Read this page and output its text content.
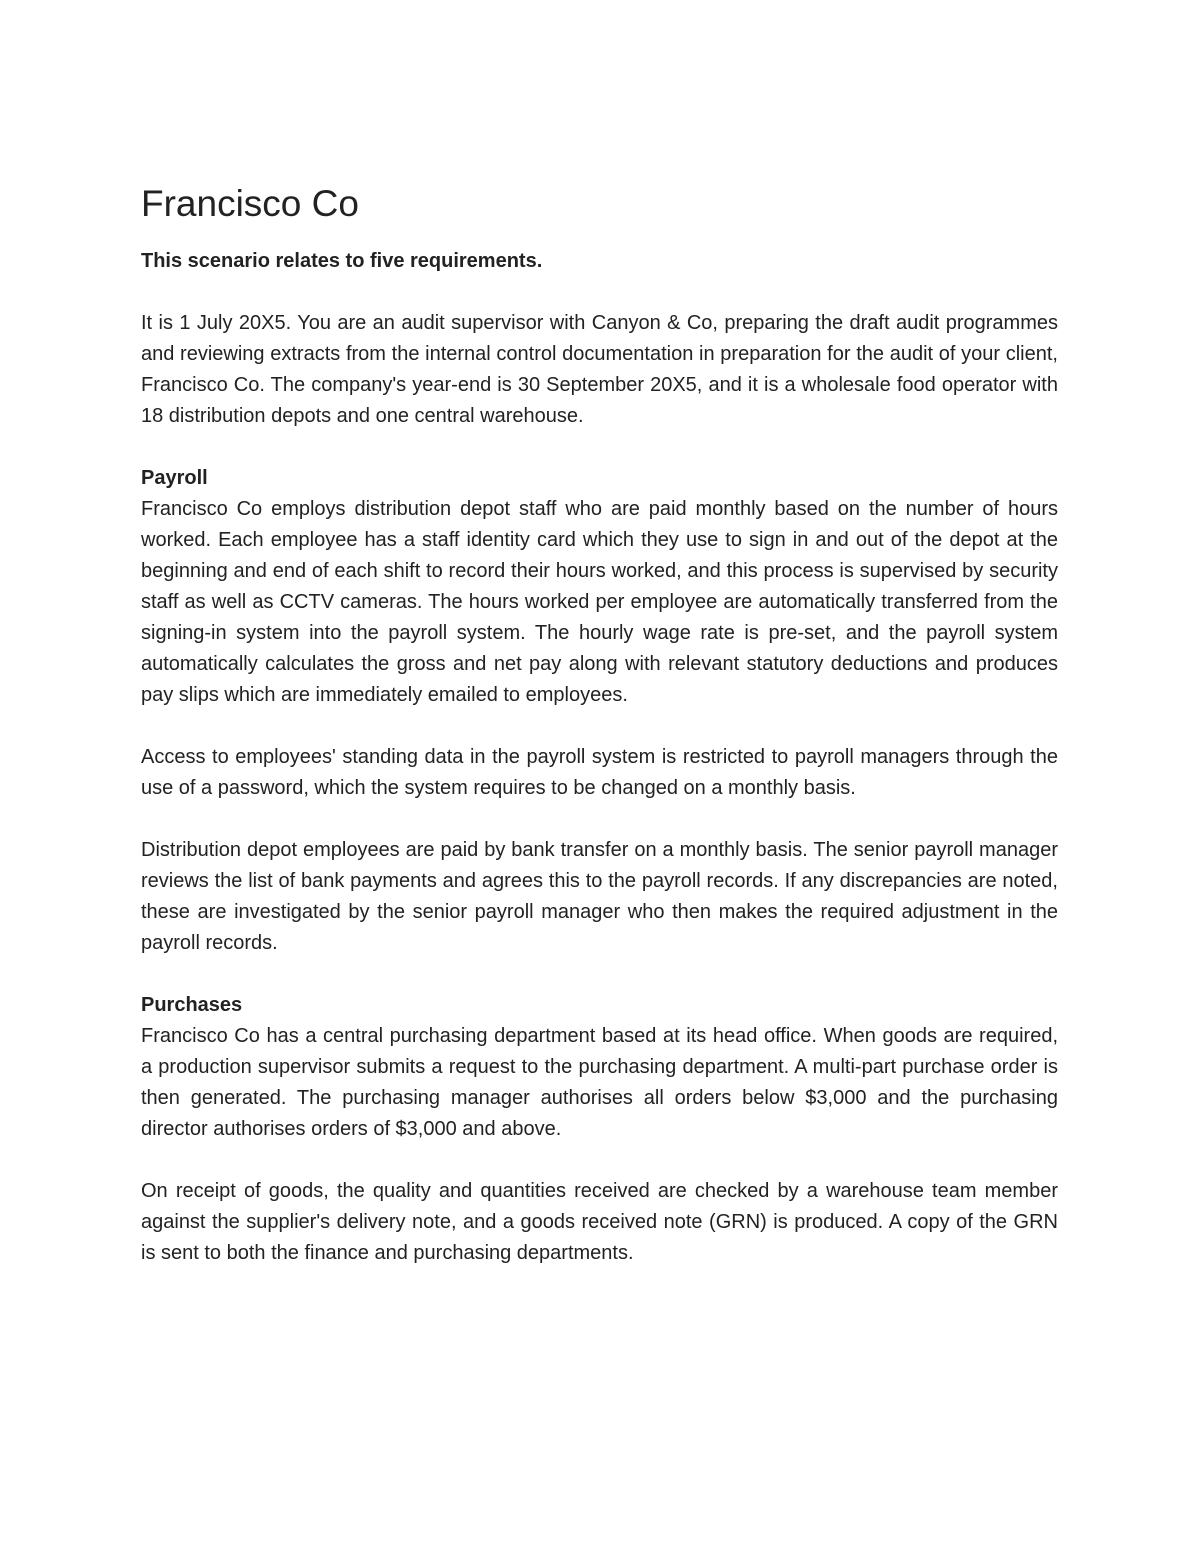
Francisco Co
This scenario relates to five requirements.

It is 1 July 20X5. You are an audit supervisor with Canyon & Co, preparing the draft audit programmes and reviewing extracts from the internal control documentation in preparation for the audit of your client, Francisco Co. The company's year-end is 30 September 20X5, and it is a wholesale food operator with 18 distribution depots and one central warehouse.

Payroll

Francisco Co employs distribution depot staff who are paid monthly based on the number of hours worked. Each employee has a staff identity card which they use to sign in and out of the depot at the beginning and end of each shift to record their hours worked, and this process is supervised by security staff as well as CCTV cameras. The hours worked per employee are automatically transferred from the signing-in system into the payroll system. The hourly wage rate is pre-set, and the payroll system automatically calculates the gross and net pay along with relevant statutory deductions and produces pay slips which are immediately emailed to employees.

Access to employees' standing data in the payroll system is restricted to payroll managers through the use of a password, which the system requires to be changed on a monthly basis.

Distribution depot employees are paid by bank transfer on a monthly basis. The senior payroll manager reviews the list of bank payments and agrees this to the payroll records. If any discrepancies are noted, these are investigated by the senior payroll manager who then makes the required adjustment in the payroll records.

Purchases

Francisco Co has a central purchasing department based at its head office. When goods are required, a production supervisor submits a request to the purchasing department. A multi-part purchase order is then generated. The purchasing manager authorises all orders below $3,000 and the purchasing director authorises orders of $3,000 and above.

On receipt of goods, the quality and quantities received are checked by a warehouse team member against the supplier's delivery note, and a goods received note (GRN) is produced. A copy of the GRN is sent to both the finance and purchasing departments.
